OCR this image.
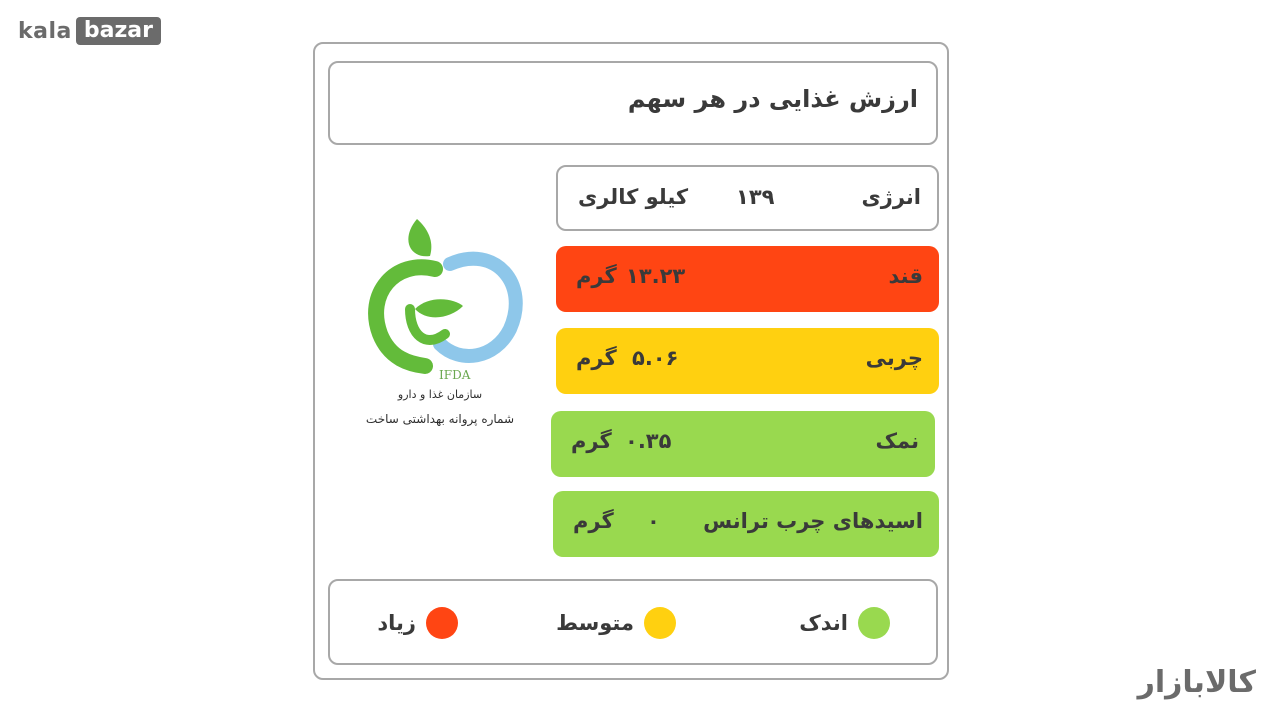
kala bazar
ارزش غذایی در هر سهم
IFDA
سازمان غذا و دارو
شماره پروانه بهداشتی ساخت
انرژی
۱۳۹
کیلو کالری
قند
۱۳.۲۳
گرم
چربی
۵.۰۶
گرم
نمک
۰.۳۵
گرم
اسیدهای چرب ترانس
۰
گرم
اندک
متوسط
زیاد
کالابازار
